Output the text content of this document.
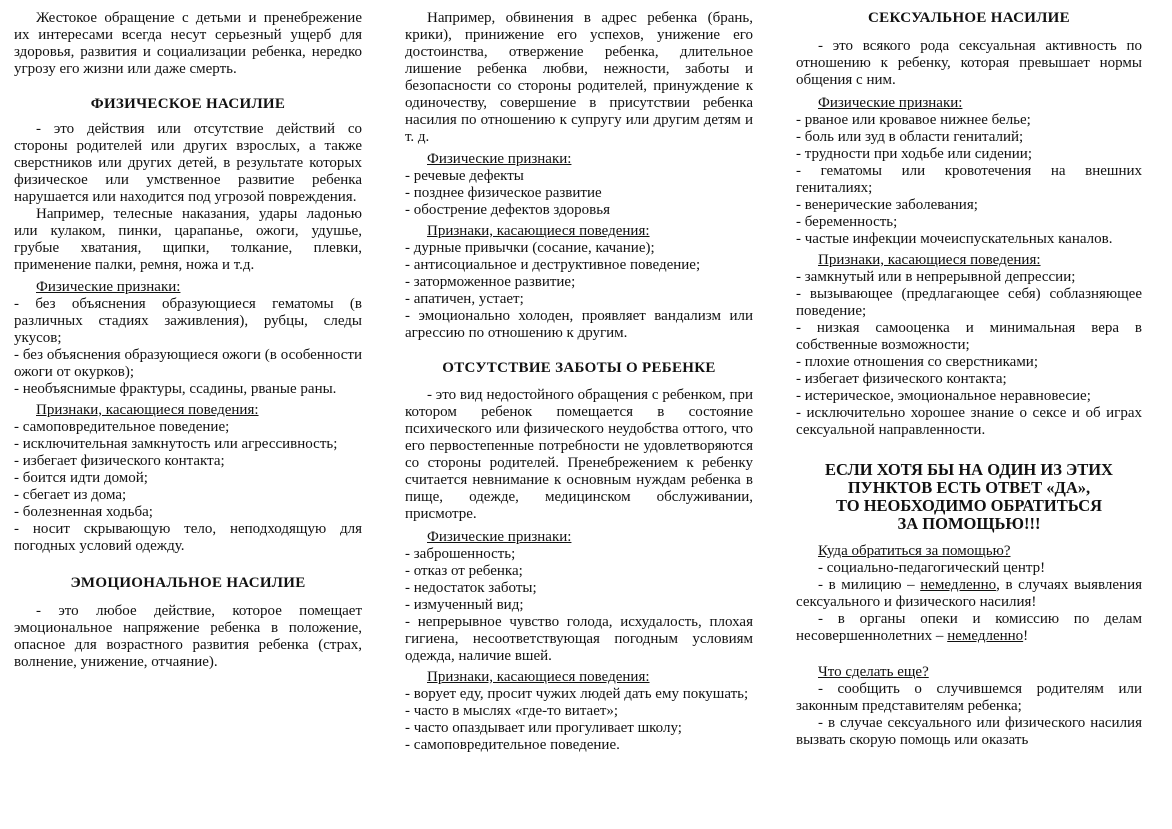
Жестокое обращение с детьми и пренебрежение их интересами всегда несут серьезный ущерб для здоровья, развития и социализации ребенка, нередко угрозу его жизни или даже смерть.

ФИЗИЧЕСКОЕ НАСИЛИЕ

- это действия или отсутствие действий со стороны родителей или других взрослых, а также сверстников или других детей, в результате которых физическое или умственное развитие ребенка нарушается или находится под угрозой повреждения.

Например, телесные наказания, удары ладонью или кулаком, пинки, царапанье, ожоги, удушье, грубые хватания, щипки, толкание, плевки, применение палки, ремня, ножа и т.д.

Физические признаки:

- без объяснения образующиеся гематомы (в различных стадиях заживления), рубцы, следы укусов;

- без объяснения образующиеся ожоги (в особенности ожоги от окурков);

- необъяснимые фрактуры, ссадины, рваные раны.

Признаки, касающиеся поведения:

- самоповредительное поведение;

- исключительная замкнутость или агрессивность;

- избегает физического контакта;

- боится идти домой;

- сбегает из дома;

- болезненная ходьба;

- носит скрывающую тело, неподходящую для погодных условий одежду.

ЭМОЦИОНАЛЬНОЕ НАСИЛИЕ

- это любое действие, которое помещает эмоциональное напряжение ребенка в положение, опасное для возрастного развития ребенка (страх, волнение, унижение, отчаяние).

Например, обвинения в адрес ребенка (брань, крики), принижение его успехов, унижение его достоинства, отвержение ребенка, длительное лишение ребенка любви, нежности, заботы и безопасности со стороны родителей, принуждение к одиночеству, совершение в присутствии ребенка насилия по отношению к супругу или другим детям и т. д.

Физические признаки:

- речевые дефекты

- позднее физическое развитие

- обострение дефектов здоровья

Признаки, касающиеся поведения:

- дурные привычки (сосание, качание);

- антисоциальное и деструктивное поведение;

- заторможенное развитие;

- апатичен, устает;

- эмоционально холоден, проявляет вандализм или агрессию по отношению к другим.

ОТСУТСТВИЕ ЗАБОТЫ О РЕБЕНКЕ

- это вид недостойного обращения с ребенком, при котором ребенок помещается в состояние психического или физического неудобства оттого, что его первостепенные потребности не удовлетворяются со стороны родителей. Пренебрежением к ребенку считается невнимание к основным нуждам ребенка в пище, одежде, медицинском обслуживании, присмотре.

Физические признаки:

- заброшенность;

- отказ от ребенка;

- недостаток заботы;

- измученный вид;

- непрерывное чувство голода, исхудалость, плохая гигиена, несоответствующая погодным условиям одежда, наличие вшей.

Признаки, касающиеся поведения:

- ворует еду, просит чужих людей дать ему покушать;

- часто в мыслях «где-то витает»;

- часто опаздывает или прогуливает школу;

- самоповредительное поведение.

СЕКСУАЛЬНОЕ НАСИЛИЕ

- это всякого рода сексуальная активность по отношению к ребенку, которая превышает нормы общения с ним.

Физические признаки:

- рваное или кровавое нижнее белье;

- боль или зуд в области гениталий;

- трудности при ходьбе или сидении;

- гематомы или кровотечения на внешних гениталиях;

- венерические заболевания;

- беременность;

- частые инфекции мочеиспускательных каналов.

Признаки, касающиеся поведения:

- замкнутый или в непрерывной депрессии;

- вызывающее (предлагающее себя) соблазняющее поведение;

- низкая самооценка и минимальная вера в собственные возможности;

- плохие отношения со сверстниками;

- избегает физического контакта;

- истерическое, эмоциональное неравновесие;

- исключительно хорошее знание о сексе и об играх сексуальной направленности.

ЕСЛИ ХОТЯ БЫ НА ОДИН ИЗ ЭТИХ

ПУНКТОВ ЕСТЬ ОТВЕТ «ДА»,

ТО НЕОБХОДИМО ОБРАТИТЬСЯ

ЗА ПОМОЩЬЮ!!!

Куда обратиться за помощью?

- социально-педагогический центр!

- в милицию – немедленно, в случаях выявления сексуального и физического насилия!

- в органы опеки и комиссию по делам несовершеннолетних – немедленно!

Что сделать еще?

- сообщить о случившемся родителям или законным представителям ребенка;

- в случае сексуального или физического насилия вызвать скорую помощь или оказать
